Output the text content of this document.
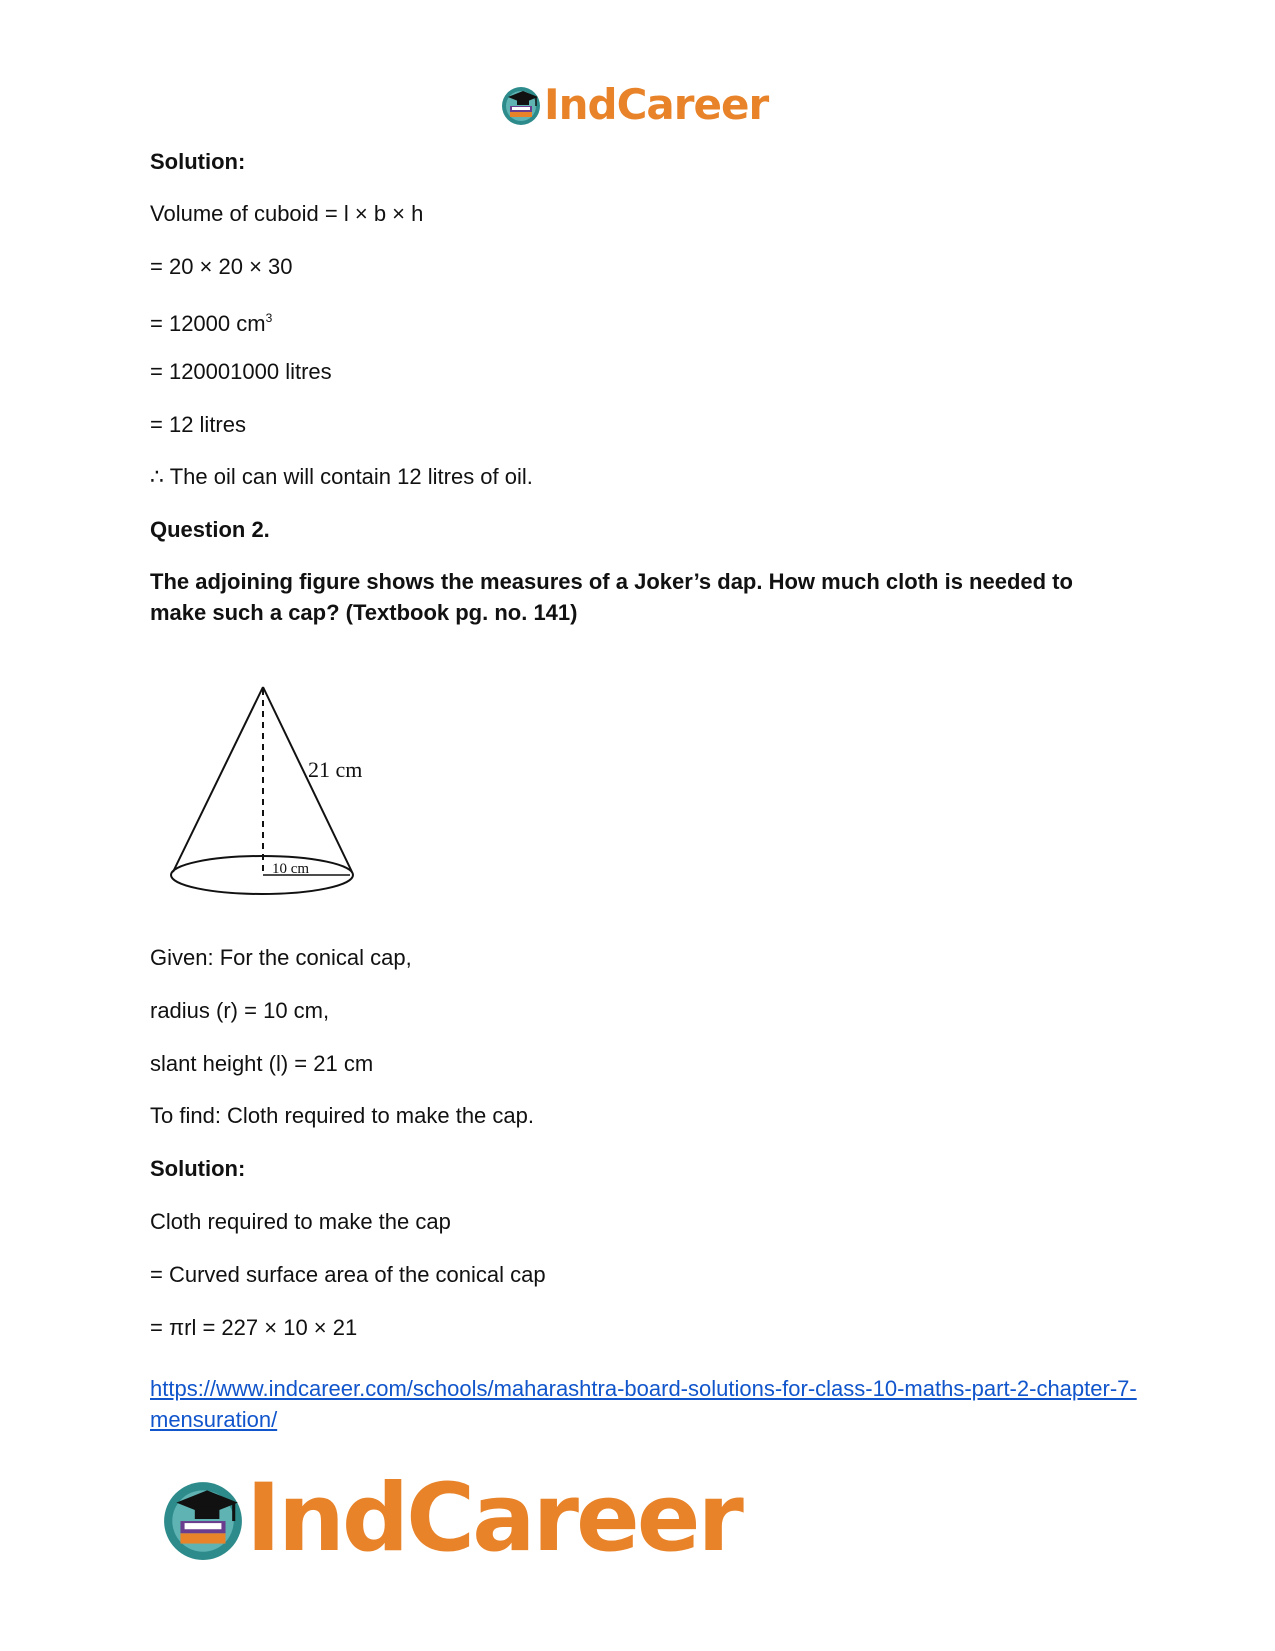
IndCareer
Solution:
Volume of cuboid = l × b × h
= 20 × 20 × 30
= 12000 $cm^3$
= 120001000 litres
= 12 litres
∴ The oil can will contain 12 litres of oil.
Question 2.
The adjoining figure shows the measures of a Joker’s dap. How much cloth is needed to make such a cap? (Textbook pg. no. 141)
21 cm
10 cm
Given: For the conical cap,
radius (r) = 10 cm,
slant height (l) = 21 cm
To find: Cloth required to make the cap.
Solution:
Cloth required to make the cap
= Curved surface area of the conical cap
= πrl = 227 × 10 × 21
https://www.indcareer.com/schools/maharashtra-board-solutions-for-class-10-maths-part-2-chapter-7-mensuration/
IndCareer
